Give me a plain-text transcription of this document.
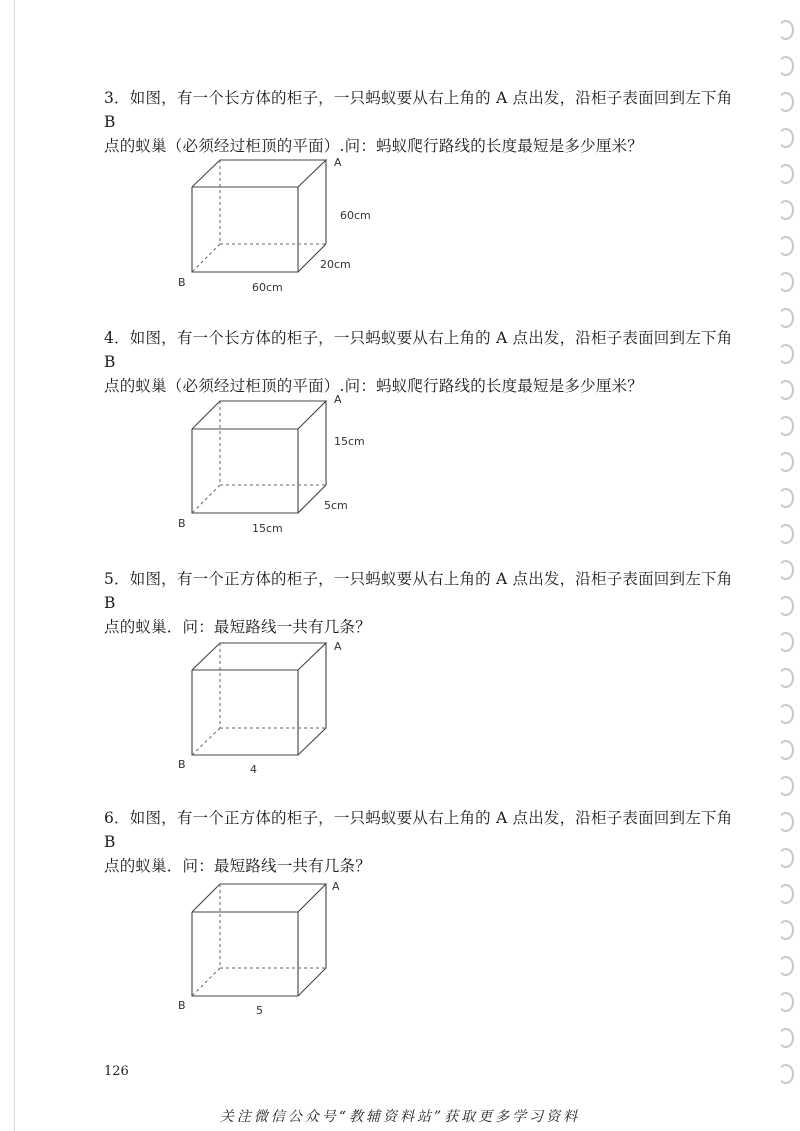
3．如图，有一个长方体的柜子，一只蚂蚁要从右上角的 A 点出发，沿柜子表面回到左下角 B

点的蚁巢（必须经过柜顶的平面）.问：蚂蚁爬行路线的长度最短是多少厘米？

A
B
60cm
20cm
60cm

4．如图，有一个长方体的柜子，一只蚂蚁要从右上角的 A 点出发，沿柜子表面回到左下角 B

点的蚁巢（必须经过柜顶的平面）.问：蚂蚁爬行路线的长度最短是多少厘米？

A
B
15cm
5cm
15cm

5．如图，有一个正方体的柜子，一只蚂蚁要从右上角的 A 点出发，沿柜子表面回到左下角 B

点的蚁巢．问：最短路线一共有几条？

A
B	4

6．如图，有一个正方体的柜子，一只蚂蚁要从右上角的 A 点出发，沿柜子表面回到左下角 B

点的蚁巢．问：最短路线一共有几条？

A
B	5
126
关注微信公众号“教辅资料站”获取更多学习资料
